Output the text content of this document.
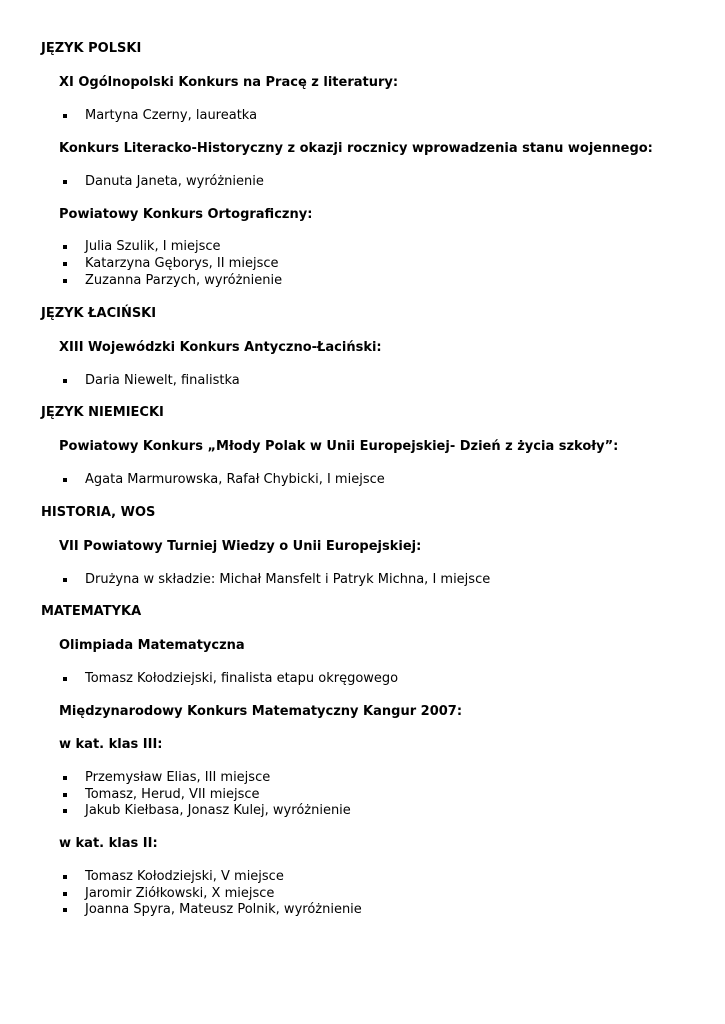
JĘZYK POLSKI
XI Ogólnopolski Konkurs na Pracę z literatury:
Martyna Czerny, laureatka
Konkurs Literacko-Historyczny z okazji rocznicy wprowadzenia stanu wojennego:
Danuta Janeta, wyróżnienie
Powiatowy Konkurs Ortograficzny:
Julia Szulik, I miejsce
Katarzyna Gęborys, II miejsce
Zuzanna Parzych, wyróżnienie
JĘZYK ŁACIŃSKI
XIII Wojewódzki Konkurs Antyczno-Łaciński:
Daria Niewelt, finalistka
JĘZYK NIEMIECKI
Powiatowy Konkurs „Młody Polak w Unii Europejskiej- Dzień z życia szkoły”:
Agata Marmurowska, Rafał Chybicki, I miejsce
HISTORIA, WOS
VII Powiatowy Turniej Wiedzy o Unii Europejskiej:
Drużyna w składzie: Michał Mansfelt i Patryk Michna, I miejsce
MATEMATYKA
Olimpiada Matematyczna
Tomasz Kołodziejski, finalista etapu okręgowego
Międzynarodowy Konkurs Matematyczny Kangur 2007:
w kat. klas III:
Przemysław Elias, III miejsce
Tomasz, Herud, VII miejsce
Jakub Kiełbasa, Jonasz Kulej, wyróżnienie
w kat. klas II:
Tomasz Kołodziejski, V miejsce
Jaromir Ziółkowski, X miejsce
Joanna Spyra, Mateusz Polnik, wyróżnienie
